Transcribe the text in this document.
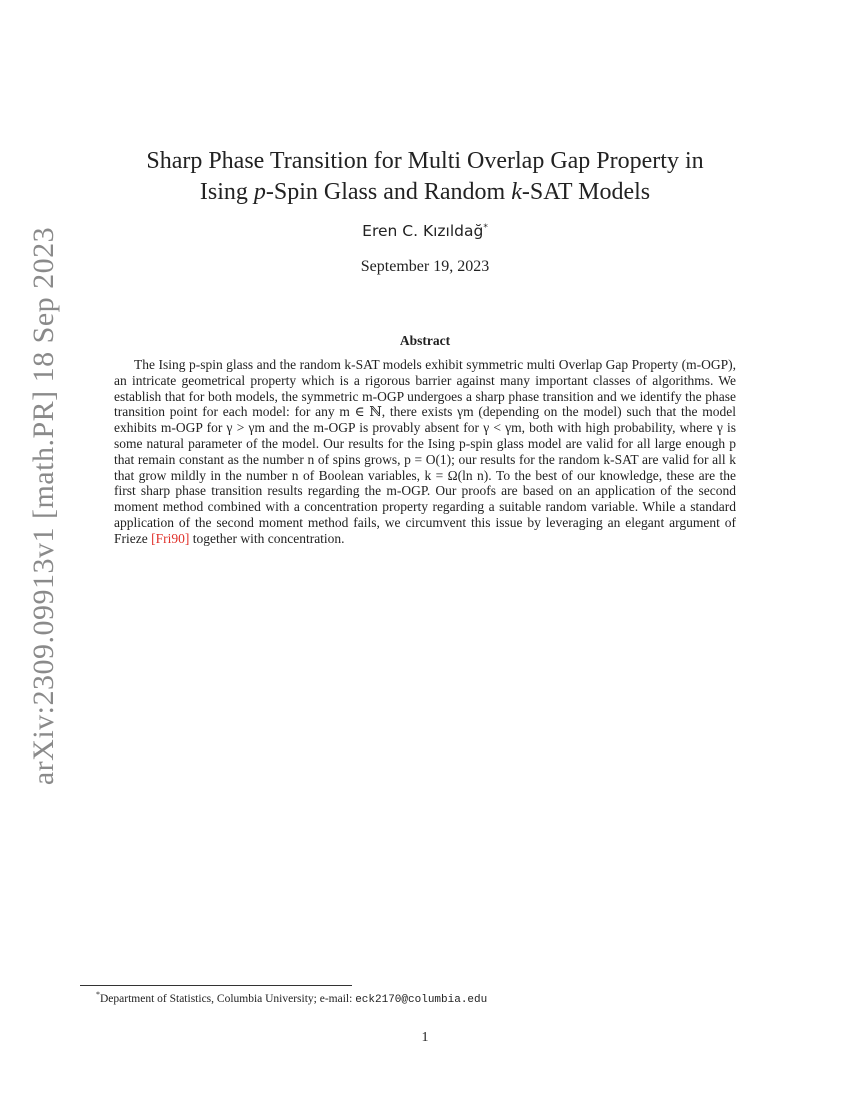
arXiv:2309.09913v1 [math.PR] 18 Sep 2023
Sharp Phase Transition for Multi Overlap Gap Property in
Ising p-Spin Glass and Random k-SAT Models
Eren C. Kızıldağ*
September 19, 2023
Abstract
The Ising p-spin glass and the random k-SAT models exhibit symmetric multi Overlap Gap Property (m-OGP), an intricate geometrical property which is a rigorous barrier against many important classes of algorithms. We establish that for both models, the symmetric m-OGP undergoes a sharp phase transition and we identify the phase transition point for each model: for any m ∈ ℕ, there exists γm (depending on the model) such that the model exhibits m-OGP for γ > γm and the m-OGP is provably absent for γ < γm, both with high probability, where γ is some natural parameter of the model. Our results for the Ising p-spin glass model are valid for all large enough p that remain constant as the number n of spins grows, p = O(1); our results for the random k-SAT are valid for all k that grow mildly in the number n of Boolean variables, k = Ω(ln n). To the best of our knowledge, these are the first sharp phase transition results regarding the m-OGP. Our proofs are based on an application of the second moment method combined with a concentration property regarding a suitable random variable. While a standard application of the second moment method fails, we circumvent this issue by leveraging an elegant argument of Frieze [Fri90] together with concentration.
*Department of Statistics, Columbia University; e-mail: eck2170@columbia.edu
1
